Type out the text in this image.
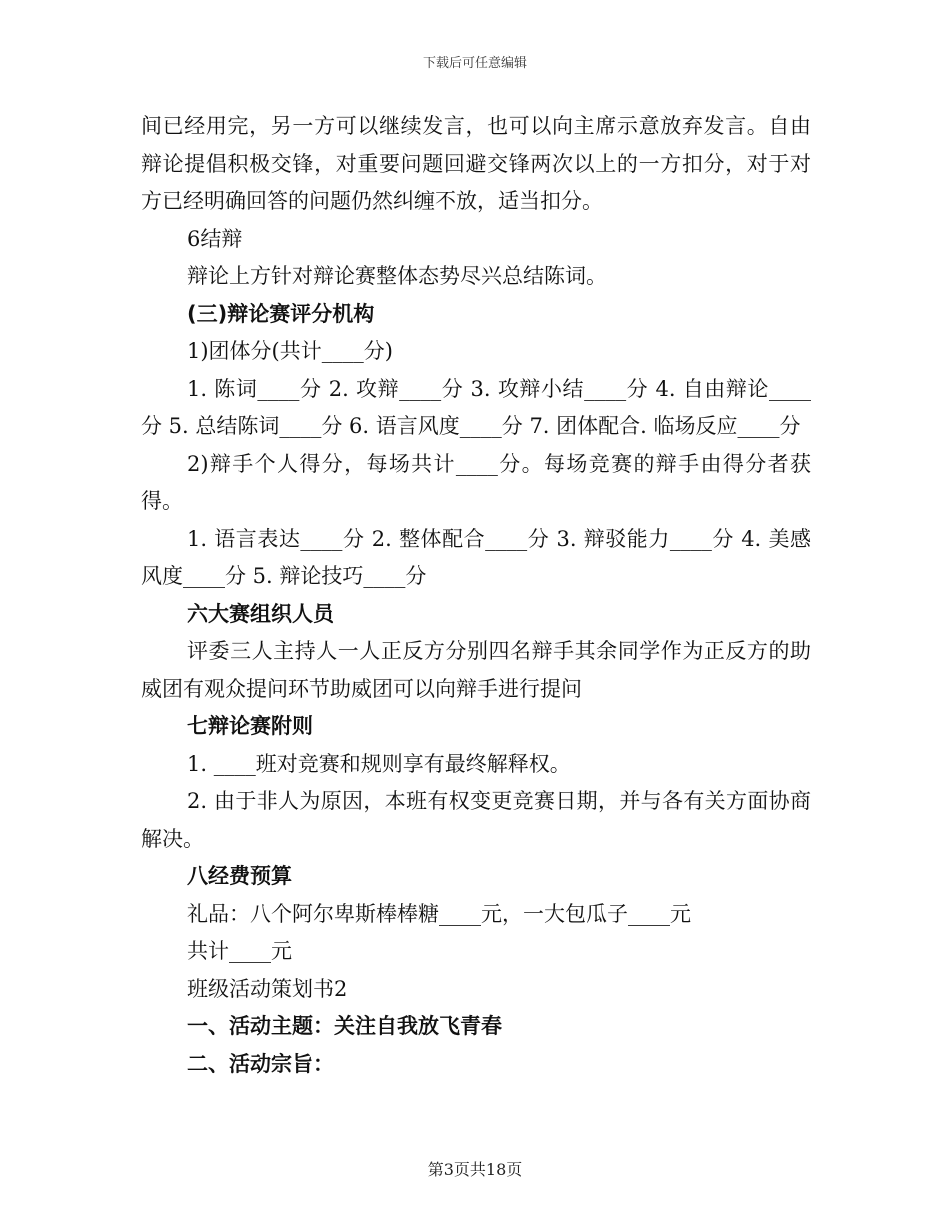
下载后可任意编辑

间已经用完，另一方可以继续发言，也可以向主席示意放弃发言。自由辩论提倡积极交锋，对重要问题回避交锋两次以上的一方扣分，对于对方已经明确回答的问题仍然纠缠不放，适当扣分。

6结辩

辩论上方针对辩论赛整体态势尽兴总结陈词。

(三)辩论赛评分机构

1)团体分(共计____分)

1. 陈词____分 2. 攻辩____分 3. 攻辩小结____分 4. 自由辩论____分 5. 总结陈词____分 6. 语言风度____分 7. 团体配合. 临场反应____分

2)辩手个人得分，每场共计____分。每场竞赛的辩手由得分者获得。

1. 语言表达____分 2. 整体配合____分 3. 辩驳能力____分 4. 美感风度____分 5. 辩论技巧____分

六大赛组织人员

评委三人主持人一人正反方分别四名辩手其余同学作为正反方的助威团有观众提问环节助威团可以向辩手进行提问

七辩论赛附则

1. ____班对竞赛和规则享有最终解释权。

2. 由于非人为原因，本班有权变更竞赛日期，并与各有关方面协商解决。

八经费预算

礼品：八个阿尔卑斯棒棒糖____元，一大包瓜子____元

共计____元

班级活动策划书2

一、活动主题：关注自我放飞青春

二、活动宗旨：

第3页共18页
